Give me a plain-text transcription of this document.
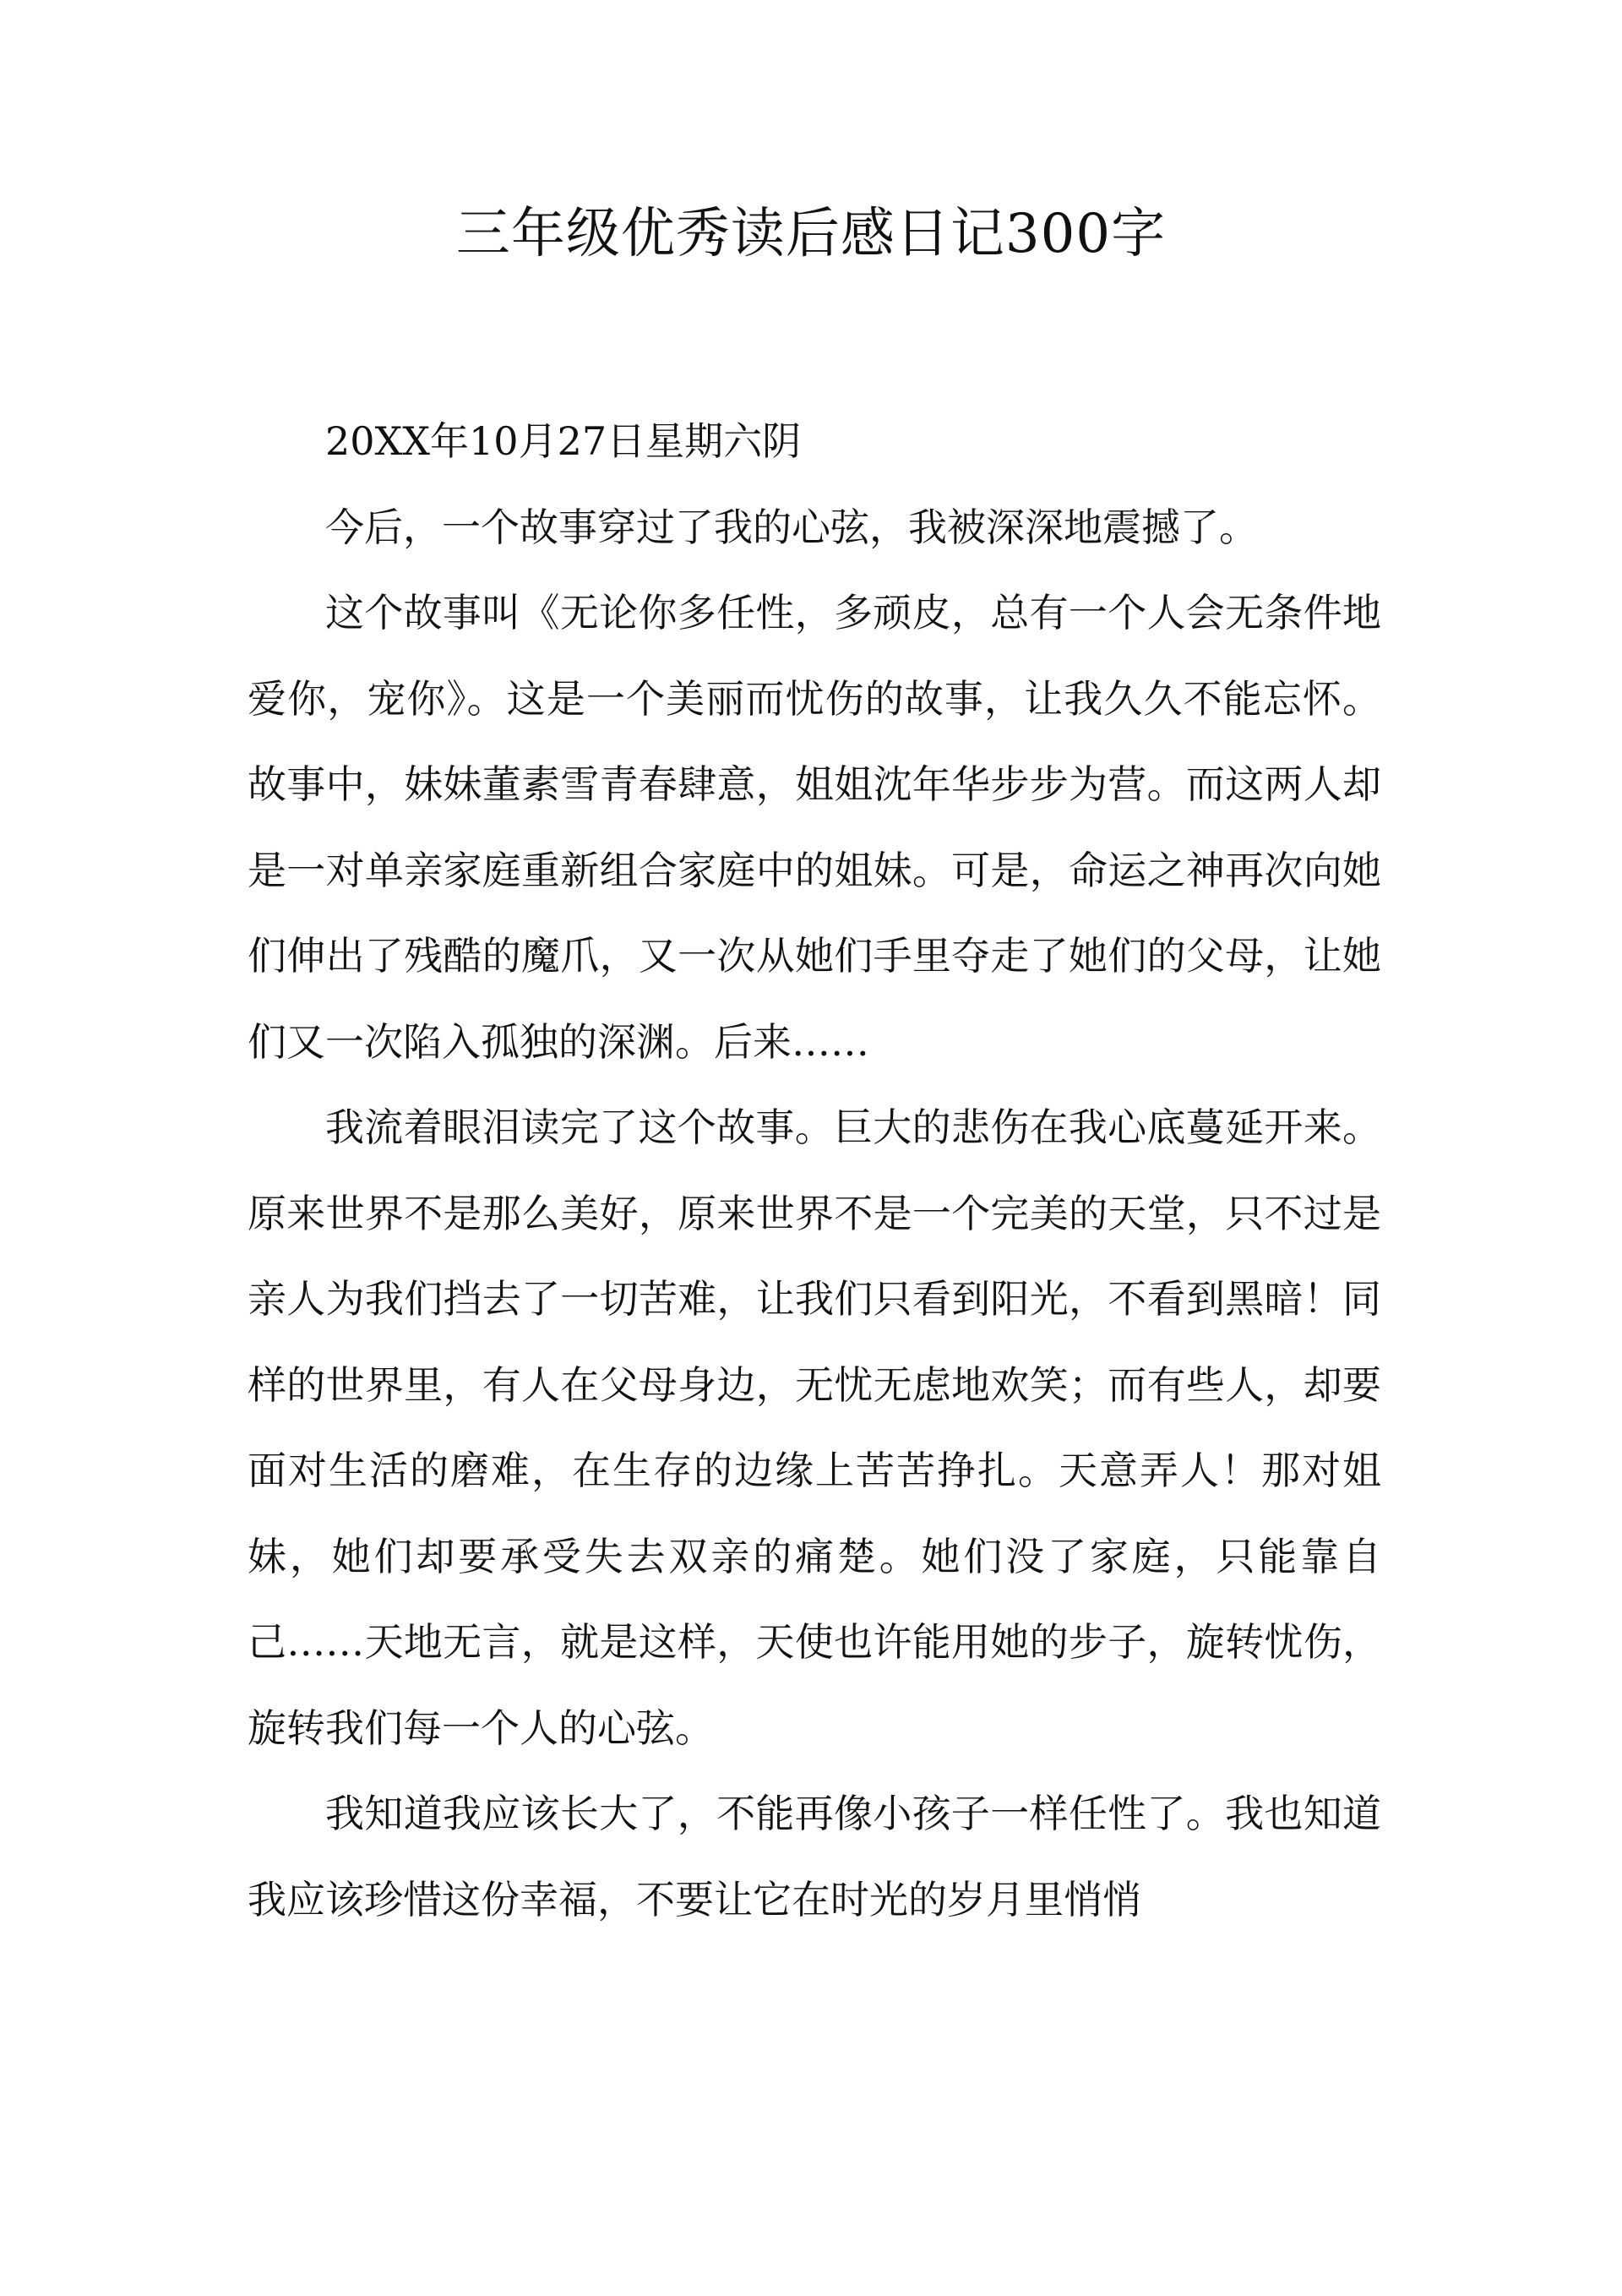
三年级优秀读后感日记300字

20XX年10月27日星期六阴

今后，一个故事穿过了我的心弦，我被深深地震撼了。

这个故事叫《无论你多任性，多顽皮，总有一个人会无条件地爱你，宠你》。这是一个美丽而忧伤的故事，让我久久不能忘怀。故事中，妹妹董素雪青春肆意，姐姐沈年华步步为营。而这两人却是一对单亲家庭重新组合家庭中的姐妹。可是，命运之神再次向她们伸出了残酷的魔爪，又一次从她们手里夺走了她们的父母，让她们又一次陷入孤独的深渊。后来……

我流着眼泪读完了这个故事。巨大的悲伤在我心底蔓延开来。原来世界不是那么美好，原来世界不是一个完美的天堂，只不过是亲人为我们挡去了一切苦难，让我们只看到阳光，不看到黑暗！同样的世界里，有人在父母身边，无忧无虑地欢笑；而有些人，却要面对生活的磨难，在生存的边缘上苦苦挣扎。天意弄人！那对姐妹，她们却要承受失去双亲的痛楚。她们没了家庭，只能靠自己……天地无言，就是这样，天使也许能用她的步子，旋转忧伤，旋转我们每一个人的心弦。

我知道我应该长大了，不能再像小孩子一样任性了。我也知道我应该珍惜这份幸福，不要让它在时光的岁月里悄悄
